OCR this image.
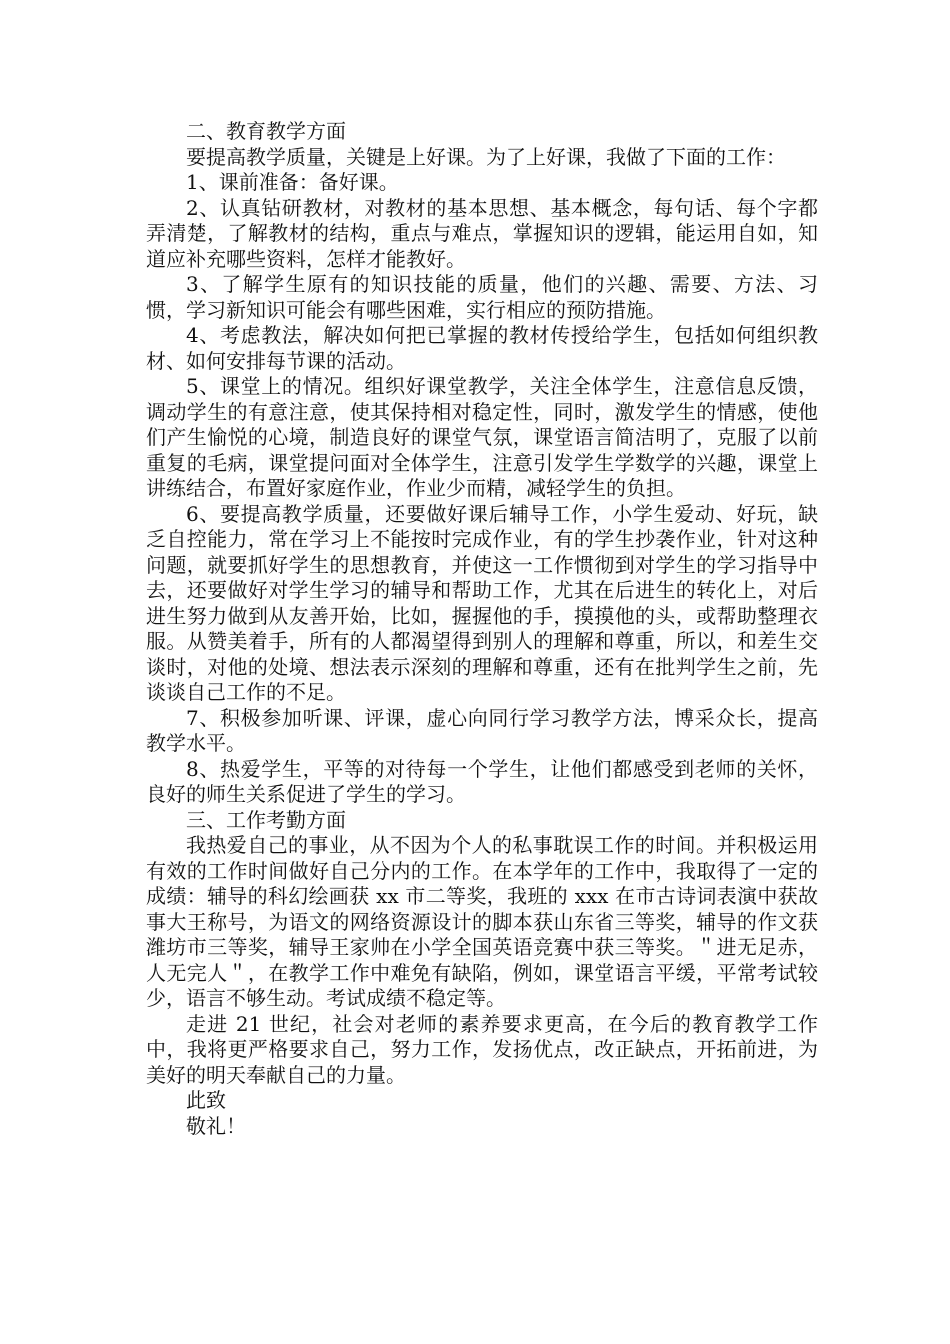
二、教育教学方面

要提高教学质量，关键是上好课。为了上好课，我做了下面的工作：

1、课前准备：备好课。

2、认真钻研教材，对教材的基本思想、基本概念，每句话、每个字都弄清楚，了解教材的结构，重点与难点，掌握知识的逻辑，能运用自如，知道应补充哪些资料，怎样才能教好。

3、了解学生原有的知识技能的质量，他们的兴趣、需要、方法、习惯，学习新知识可能会有哪些困难，实行相应的预防措施。

4、考虑教法，解决如何把已掌握的教材传授给学生，包括如何组织教材、如何安排每节课的活动。

5、课堂上的情况。组织好课堂教学，关注全体学生，注意信息反馈，调动学生的有意注意，使其保持相对稳定性，同时，激发学生的情感，使他们产生愉悦的心境，制造良好的课堂气氛，课堂语言简洁明了，克服了以前重复的毛病，课堂提问面对全体学生，注意引发学生学数学的兴趣，课堂上讲练结合，布置好家庭作业，作业少而精，减轻学生的负担。

6、要提高教学质量，还要做好课后辅导工作，小学生爱动、好玩，缺乏自控能力，常在学习上不能按时完成作业，有的学生抄袭作业，针对这种问题，就要抓好学生的思想教育，并使这一工作惯彻到对学生的学习指导中去，还要做好对学生学习的辅导和帮助工作，尤其在后进生的转化上，对后进生努力做到从友善开始，比如，握握他的手，摸摸他的头，或帮助整理衣服。从赞美着手，所有的人都渴望得到别人的理解和尊重，所以，和差生交谈时，对他的处境、想法表示深刻的理解和尊重，还有在批判学生之前，先谈谈自己工作的不足。

7、积极参加听课、评课，虚心向同行学习教学方法，博采众长，提高教学水平。

8、热爱学生，平等的对待每一个学生，让他们都感受到老师的关怀，良好的师生关系促进了学生的学习。

三、工作考勤方面

我热爱自己的事业，从不因为个人的私事耽误工作的时间。并积极运用有效的工作时间做好自己分内的工作。在本学年的工作中，我取得了一定的成绩：辅导的科幻绘画获 xx 市二等奖，我班的 xxx 在市古诗词表演中获故事大王称号，为语文的网络资源设计的脚本获山东省三等奖，辅导的作文获潍坊市三等奖，辅导王家帅在小学全国英语竞赛中获三等奖。＂进无足赤，人无完人＂，在教学工作中难免有缺陷，例如，课堂语言平缓，平常考试较少，语言不够生动。考试成绩不稳定等。

走进 21 世纪，社会对老师的素养要求更高，在今后的教育教学工作中，我将更严格要求自己，努力工作，发扬优点，改正缺点，开拓前进，为美好的明天奉献自己的力量。

此致

敬礼！
